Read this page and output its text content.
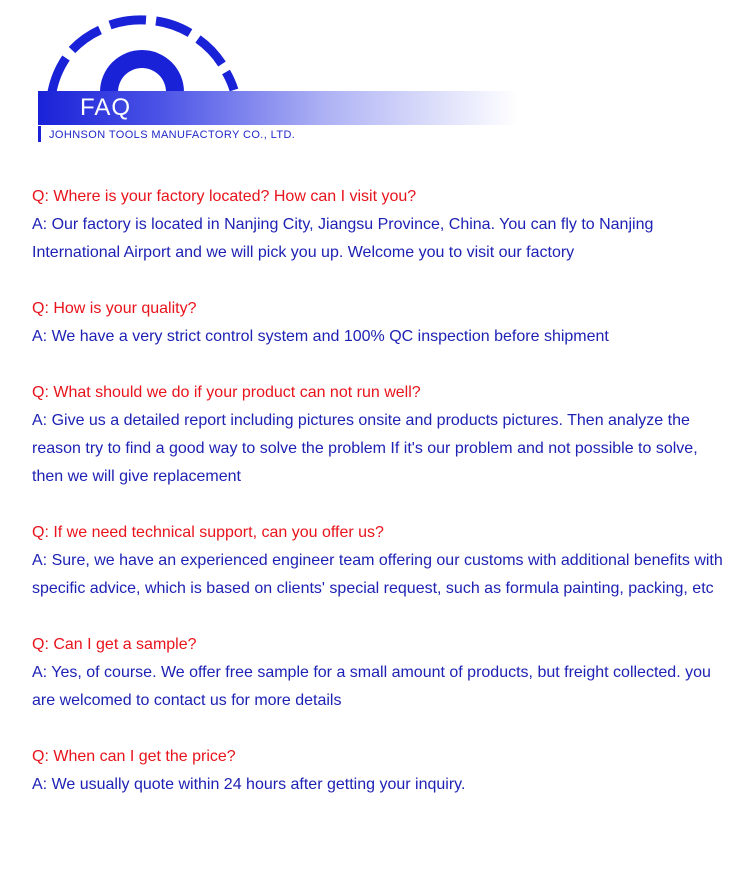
FAQ
JOHNSON TOOLS MANUFACTORY CO., LTD.
Q: Where is your factory located? How can I visit you?
A: Our factory is located in Nanjing City, Jiangsu Province, China. You can fly to Nanjing International Airport and we will pick you up. Welcome you to visit our factory
Q: How is your quality?
A: We have a very strict control system and 100% QC inspection before shipment
Q: What should we do if your product can not run well?
A: Give us a detailed report including pictures onsite and products pictures. Then analyze the reason try to find a good way to solve the problem If it's our problem and not possible to solve, then we will give replacement
Q: If we need technical support, can you offer us?
A: Sure, we have an experienced engineer team offering our customs with additional benefits with specific advice, which is based on clients' special request, such as formula painting, packing, etc
Q: Can I get a sample?
A: Yes, of course. We offer free sample for a small amount of products, but freight collected. you are welcomed to contact us for more details
Q: When can I get the price?
A: We usually quote within 24 hours after getting your inquiry.
